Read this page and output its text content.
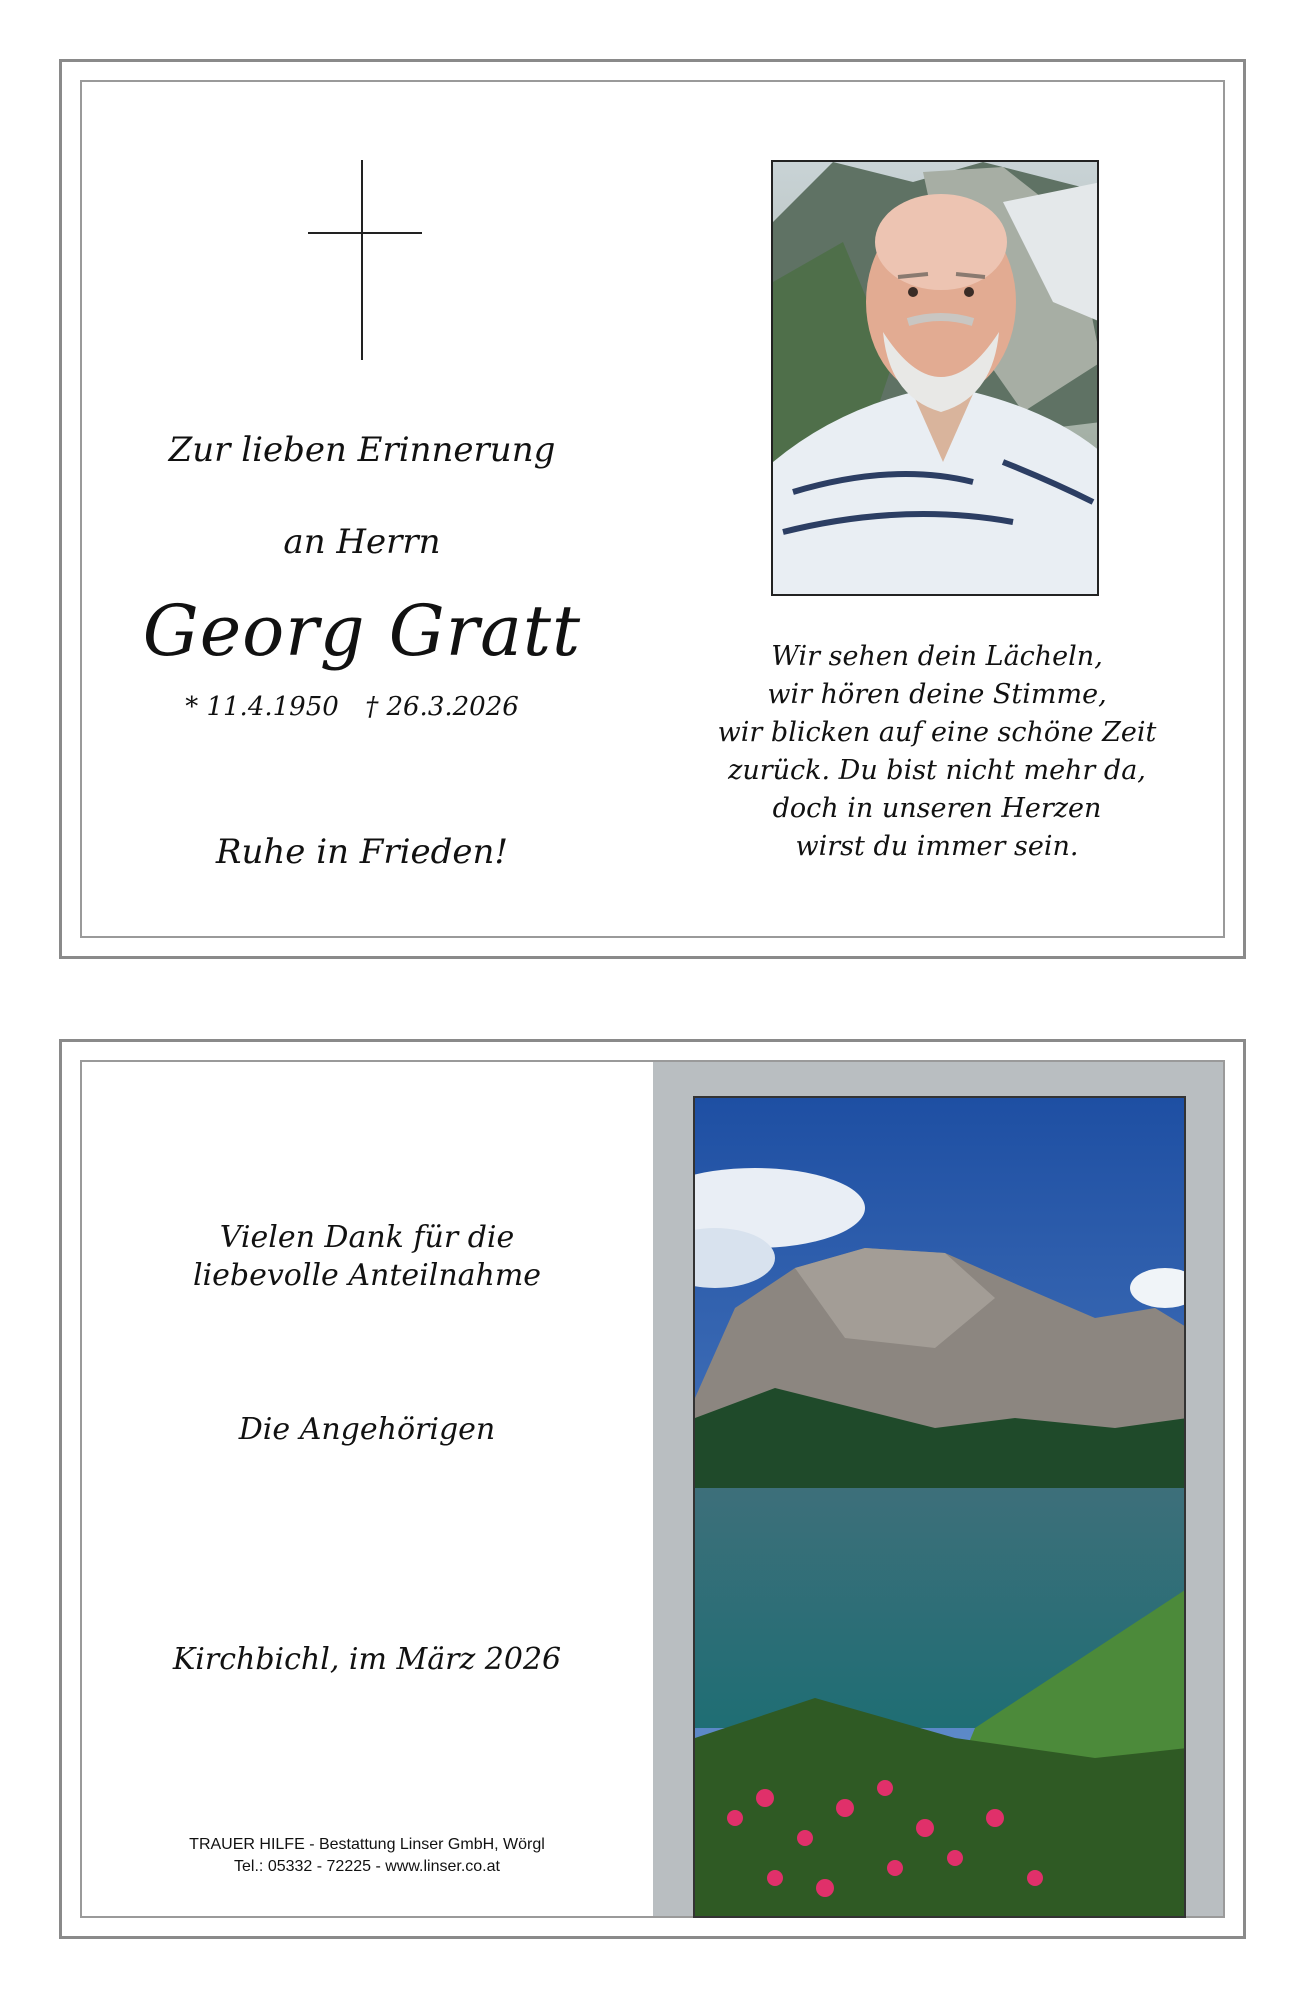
Zur lieben Erinnerung
an Herrn
Georg Gratt
* 11.4.1950 † 26.3.2026
Ruhe in Frieden!
Wir sehen dein Lächeln,
wir hören deine Stimme,
wir blicken auf eine schöne Zeit
zurück. Du bist nicht mehr da,
doch in unseren Herzen
wirst du immer sein.
Vielen Dank für die
liebevolle Anteilnahme
Die Angehörigen
Kirchbichl, im März 2026
TRAUER HILFE - Bestattung Linser GmbH, Wörgl
Tel.: 05332 - 72225 - www.linser.co.at
